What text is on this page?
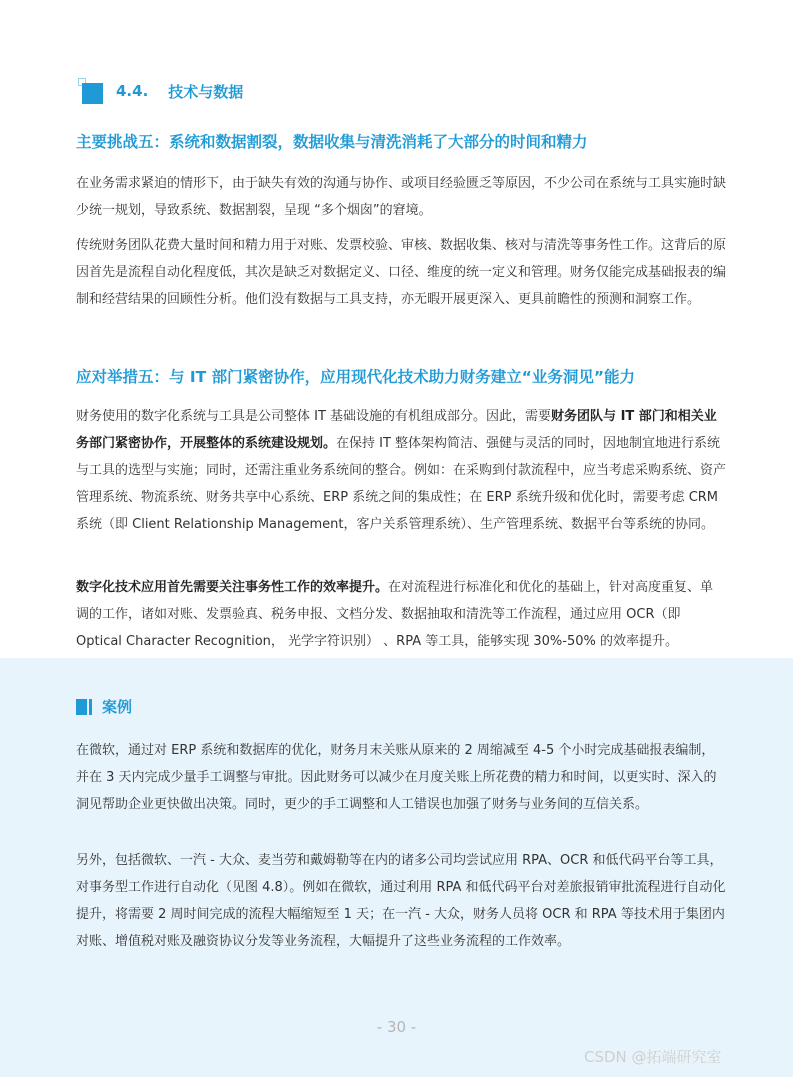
4.4. 技术与数据
主要挑战五：系统和数据割裂，数据收集与清洗消耗了大部分的时间和精力

在业务需求紧迫的情形下，由于缺失有效的沟通与协作、或项目经验匮乏等原因，不少公司在系统与工具实施时缺少统一规划，导致系统、数据割裂，呈现 “多个烟囱”的窘境。

传统财务团队花费大量时间和精力用于对账、发票校验、审核、数据收集、核对与清洗等事务性工作。这背后的原因首先是流程自动化程度低，其次是缺乏对数据定义、口径、维度的统一定义和管理。财务仅能完成基础报表的编制和经营结果的回顾性分析。他们没有数据与工具支持，亦无暇开展更深入、更具前瞻性的预测和洞察工作。

应对举措五：与 IT 部门紧密协作，应用现代化技术助力财务建立“业务洞见”能力

财务使用的数字化系统与工具是公司整体 IT 基础设施的有机组成部分。因此，需要财务团队与 IT 部门和相关业务部门紧密协作，开展整体的系统建设规划。在保持 IT 整体架构简洁、强健与灵活的同时，因地制宜地进行系统与工具的选型与实施；同时，还需注重业务系统间的整合。例如：在采购到付款流程中，应当考虑采购系统、资产管理系统、物流系统、财务共享中心系统、ERP 系统之间的集成性；在 ERP 系统升级和优化时，需要考虑 CRM 系统（即 Client Relationship Management，客户关系管理系统）、生产管理系统、数据平台等系统的协同。

数字化技术应用首先需要关注事务性工作的效率提升。在对流程进行标准化和优化的基础上，针对高度重复、单调的工作，诸如对账、发票验真、税务申报、文档分发、数据抽取和清洗等工作流程，通过应用 OCR（即 Optical Character Recognition， 光学字符识别） 、RPA 等工具，能够实现 30%-50% 的效率提升。

案例

在微软，通过对 ERP 系统和数据库的优化，财务月末关账从原来的 2 周缩减至 4-5 个小时完成基础报表编制，并在 3 天内完成少量手工调整与审批。因此财务可以减少在月度关账上所花费的精力和时间，以更实时、深入的洞见帮助企业更快做出决策。同时，更少的手工调整和人工错误也加强了财务与业务间的互信关系。

另外，包括微软、一汽 - 大众、麦当劳和戴姆勒等在内的诸多公司均尝试应用 RPA、OCR 和低代码平台等工具，对事务型工作进行自动化（见图 4.8）。例如在微软，通过利用 RPA 和低代码平台对差旅报销审批流程进行自动化提升，将需要 2 周时间完成的流程大幅缩短至 1 天；在一汽 - 大众，财务人员将 OCR 和 RPA 等技术用于集团内对账、增值税对账及融资协议分发等业务流程，大幅提升了这些业务流程的工作效率。

- 30 -
CSDN @拓端研究室
